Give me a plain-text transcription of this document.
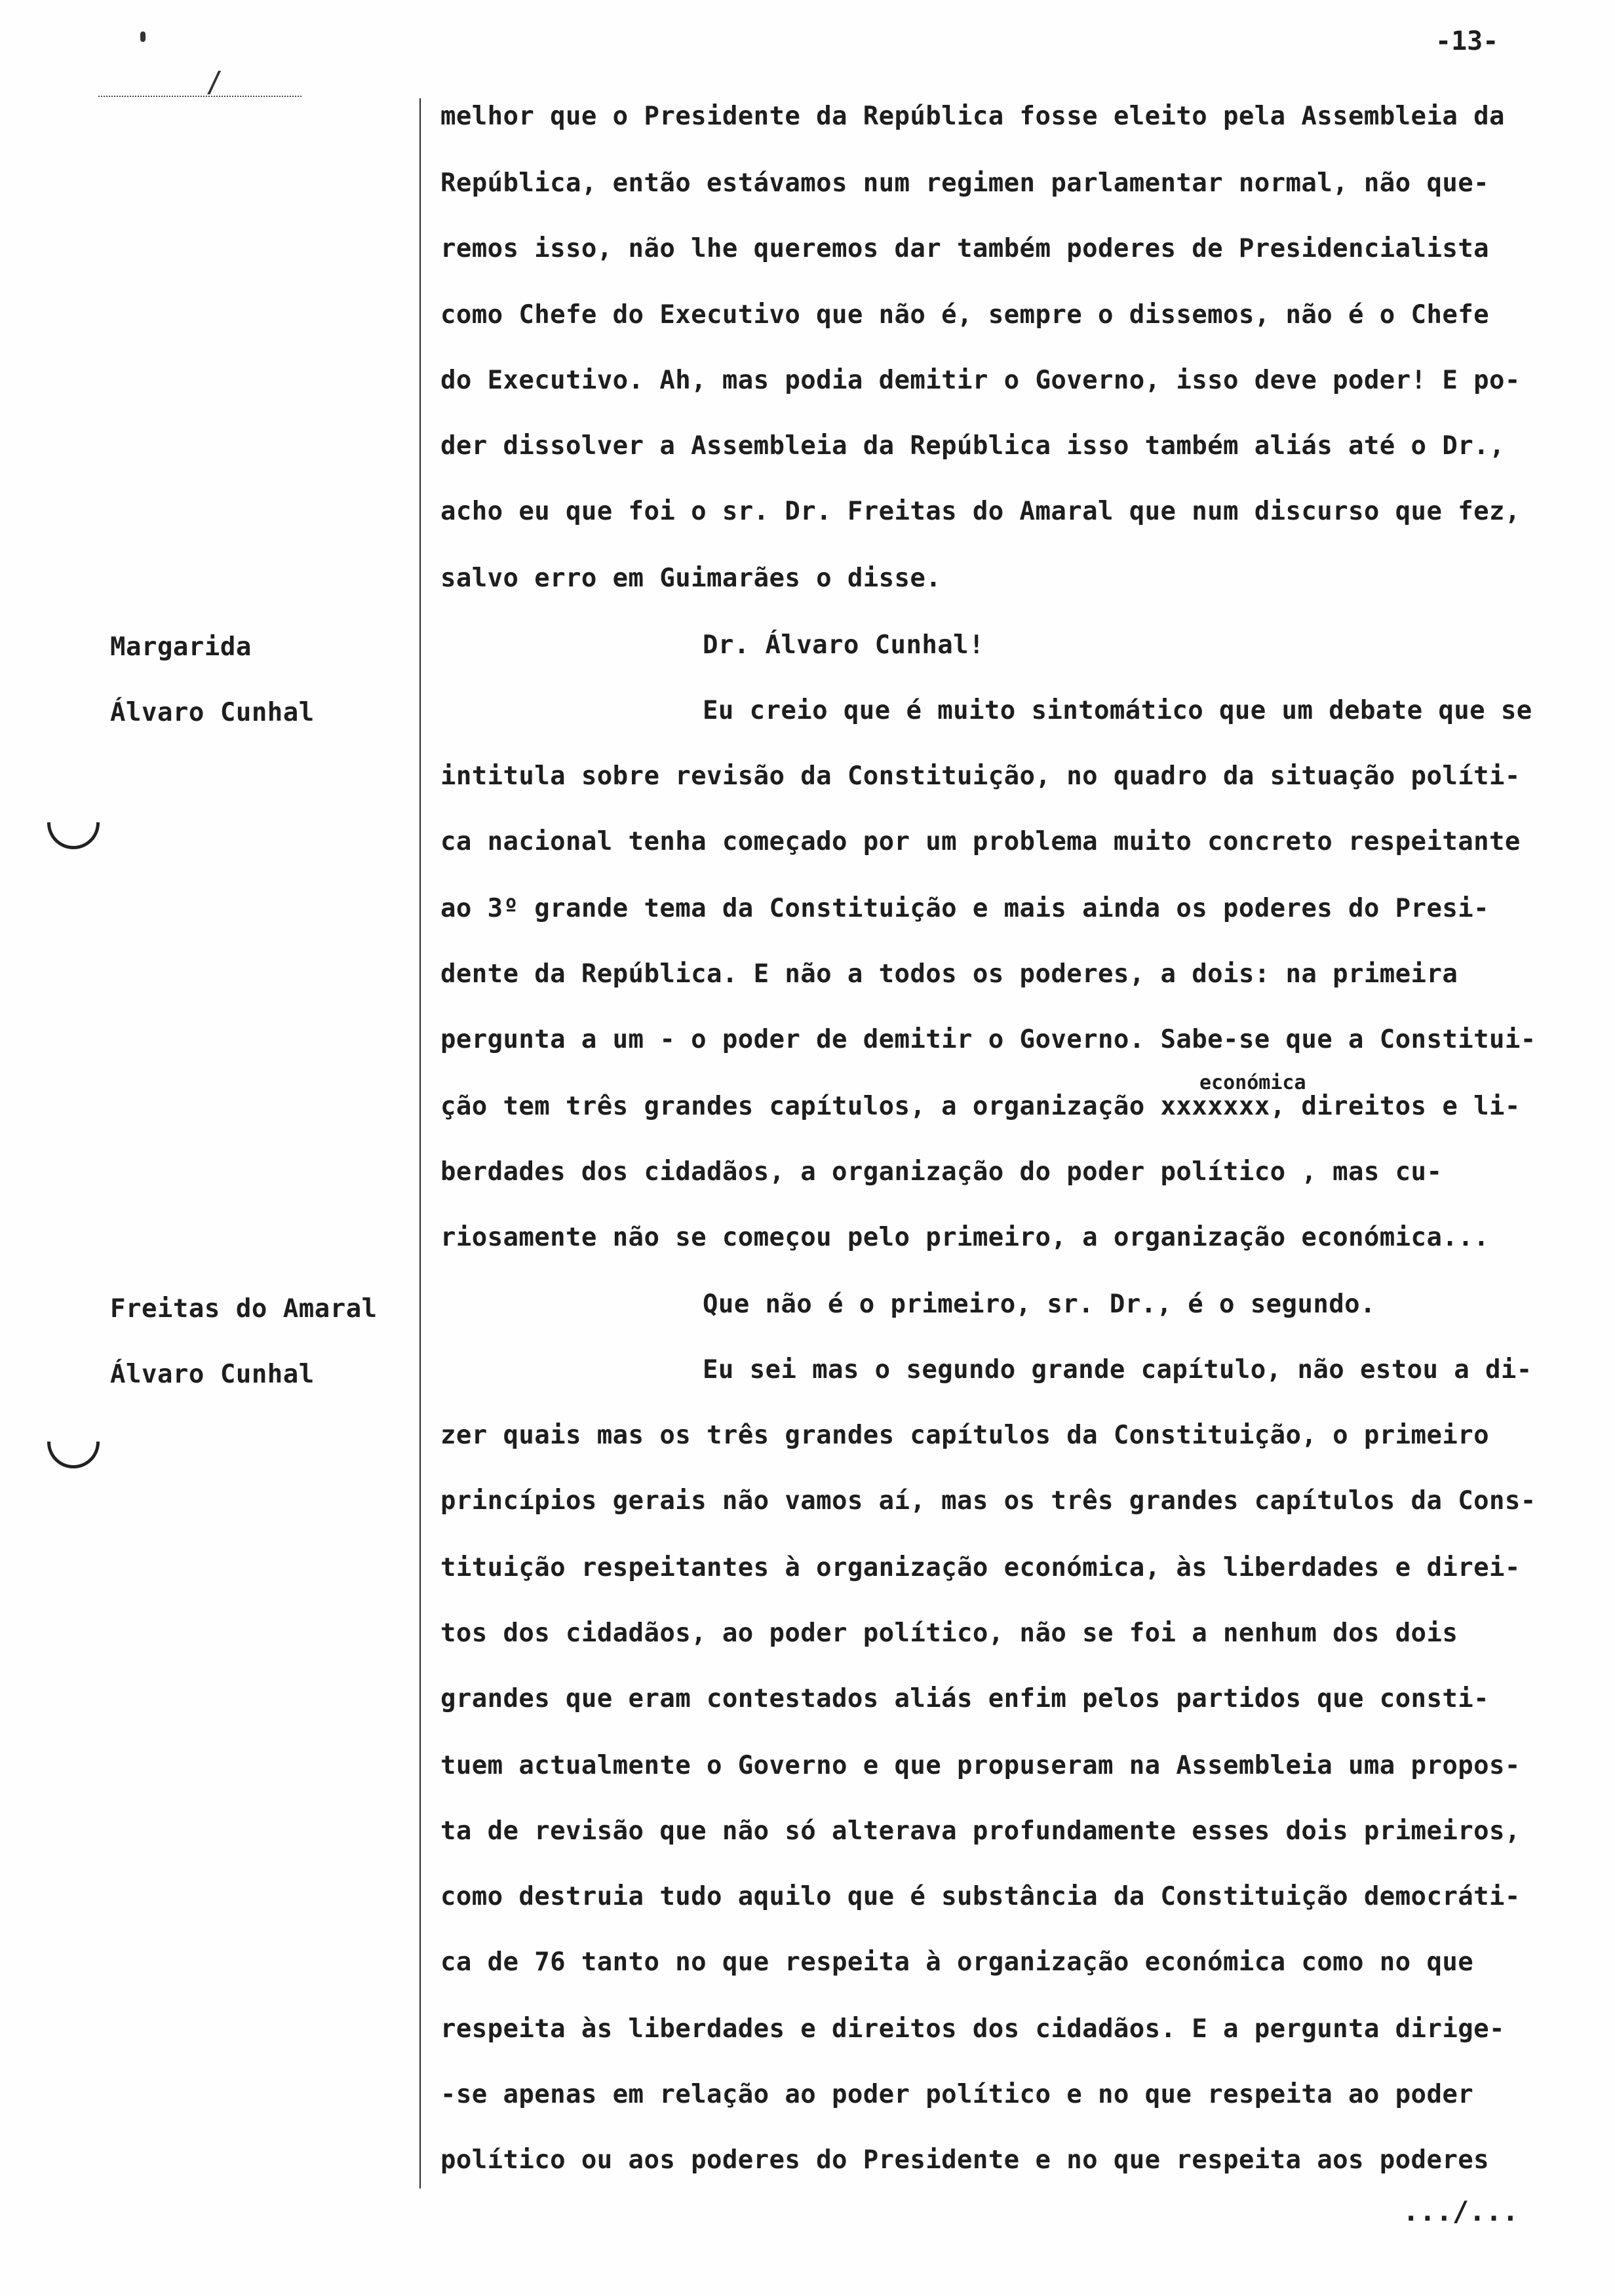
/
-13-
Margarida
Álvaro Cunhal
Freitas do Amaral
Álvaro Cunhal
melhor que o Presidente da República fosse eleito pela Assembleia da
República, então estávamos num regimen parlamentar normal, não que-
remos isso, não lhe queremos dar também poderes de Presidencialista
como Chefe do Executivo que não é, sempre o dissemos, não é o Chefe
do Executivo. Ah, mas podia demitir o Governo, isso deve poder! E po-
der dissolver a Assembleia da República isso também aliás até o Dr.,
acho eu que foi o sr. Dr. Freitas do Amaral que num discurso que fez,
salvo erro em Guimarães o disse.
Dr. Álvaro Cunhal!
Eu creio que é muito sintomático que um debate que se
intitula sobre revisão da Constituição, no quadro da situação políti-
ca nacional tenha começado por um problema muito concreto respeitante
ao 3º grande tema da Constituição e mais ainda os poderes do Presi-
dente da República. E não a todos os poderes, a dois: na primeira
pergunta a um - o poder de demitir o Governo. Sabe-se que a Constitui-
económica
ção tem três grandes capítulos, a organização xxxxxxx, direitos e li-
berdades dos cidadãos, a organização do poder político , mas cu-
riosamente não se começou pelo primeiro, a organização económica...
Que não é o primeiro, sr. Dr., é o segundo.
Eu sei mas o segundo grande capítulo, não estou a di-
zer quais mas os três grandes capítulos da Constituição, o primeiro
princípios gerais não vamos aí, mas os três grandes capítulos da Cons-
tituição respeitantes à organização económica, às liberdades e direi-
tos dos cidadãos, ao poder político, não se foi a nenhum dos dois
grandes que eram contestados aliás enfim pelos partidos que consti-
tuem actualmente o Governo e que propuseram na Assembleia uma propos-
ta de revisão que não só alterava profundamente esses dois primeiros,
como destruia tudo aquilo que é substância da Constituição democráti-
ca de 76 tanto no que respeita à organização económica como no que
respeita às liberdades e direitos dos cidadãos. E a pergunta dirige-
-se apenas em relação ao poder político e no que respeita ao poder
político ou aos poderes do Presidente e no que respeita aos poderes
.../...
